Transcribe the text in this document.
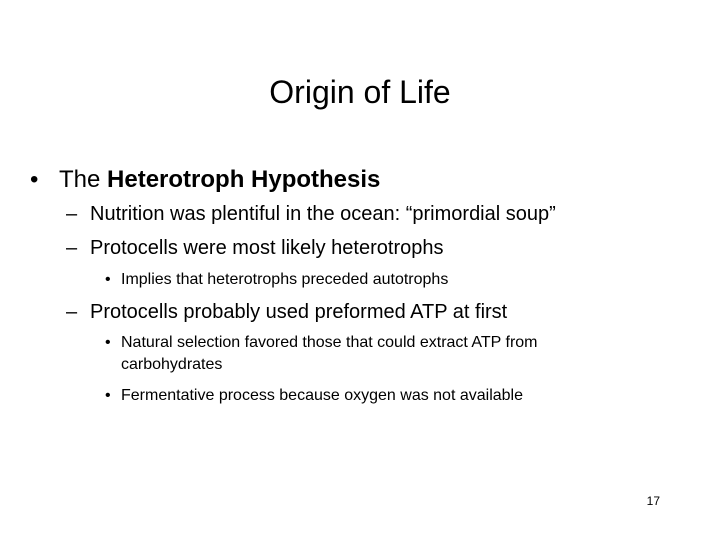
Origin of Life
• The Heterotroph Hypothesis
– Nutrition was plentiful in the ocean: “primordial soup”
– Protocells were most likely heterotrophs
• Implies that heterotrophs preceded autotrophs
– Protocells probably used preformed ATP at first
• Natural selection favored those that could extract ATP from
carbohydrates
• Fermentative process because oxygen was not available
17
